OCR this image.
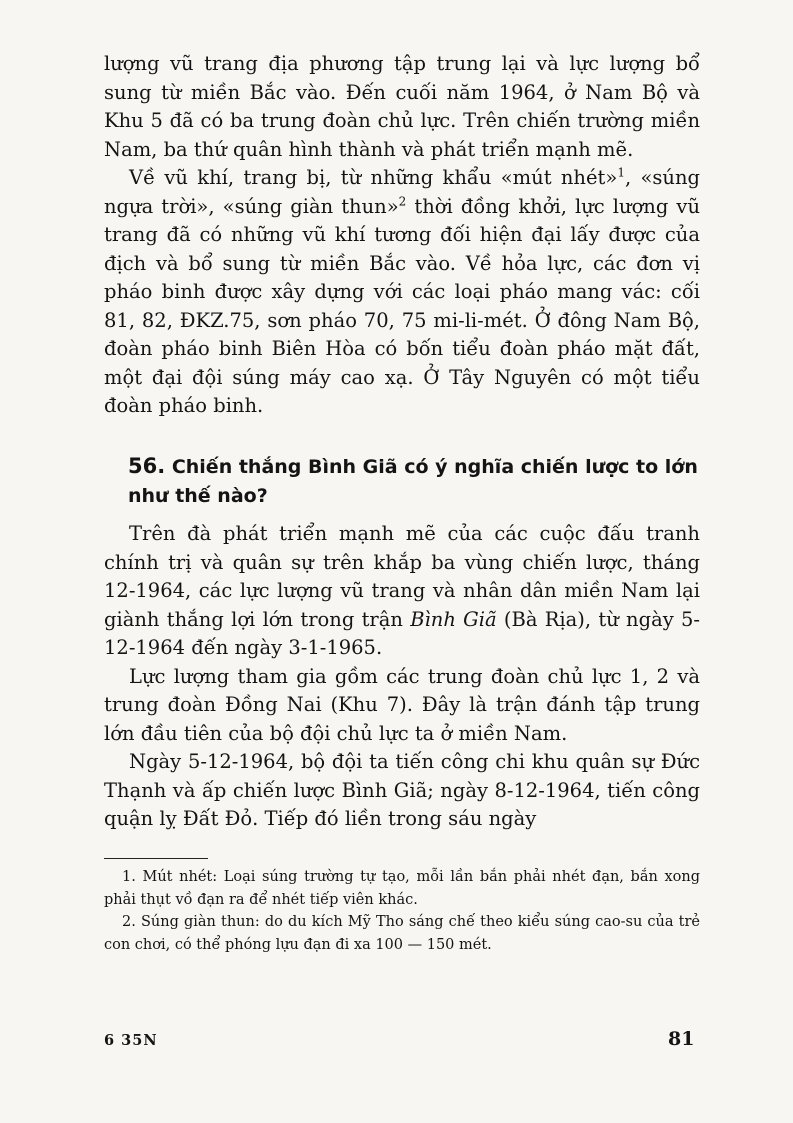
lượng vũ trang địa phương tập trung lại và lực lượng bổ sung từ miền Bắc vào. Đến cuối năm 1964, ở Nam Bộ và Khu 5 đã có ba trung đoàn chủ lực. Trên chiến trường miền Nam, ba thứ quân hình thành và phát triển mạnh mẽ.

Về vũ khí, trang bị, từ những khẩu «mút nhét»$^1$, «súng ngựa trời», «súng giàn thun»$^2$ thời đồng khởi, lực lượng vũ trang đã có những vũ khí tương đối hiện đại lấy được của địch và bổ sung từ miền Bắc vào. Về hỏa lực, các đơn vị pháo binh được xây dựng với các loại pháo mang vác: cối 81, 82, ĐKZ.75, sơn pháo 70, 75 mi-li-mét. Ở đông Nam Bộ, đoàn pháo binh Biên Hòa có bốn tiểu đoàn pháo mặt đất, một đại đội súng máy cao xạ. Ở Tây Nguyên có một tiểu đoàn pháo binh.

56. Chiến thắng Bình Giã có ý nghĩa chiến lược to lớn như thế nào?

Trên đà phát triển mạnh mẽ của các cuộc đấu tranh chính trị và quân sự trên khắp ba vùng chiến lược, tháng 12-1964, các lực lượng vũ trang và nhân dân miền Nam lại giành thắng lợi lớn trong trận Bình Giã (Bà Rịa), từ ngày 5-12-1964 đến ngày 3-1-1965.

Lực lượng tham gia gồm các trung đoàn chủ lực 1, 2 và trung đoàn Đồng Nai (Khu 7). Đây là trận đánh tập trung lớn đầu tiên của bộ đội chủ lực ta ở miền Nam.

Ngày 5-12-1964, bộ đội ta tiến công chi khu quân sự Đức Thạnh và ấp chiến lược Bình Giã; ngày 8-12-1964, tiến công quận lỵ Đất Đỏ. Tiếp đó liền trong sáu ngày

1. Mút nhét: Loại súng trường tự tạo, mỗi lần bắn phải nhét đạn, bắn xong phải thụt vồ đạn ra để nhét tiếp viên khác.

2. Súng giàn thun: do du kích Mỹ Tho sáng chế theo kiểu súng cao-su của trẻ con chơi, có thể phóng lựu đạn đi xa 100 — 150 mét.

6 35N	81
